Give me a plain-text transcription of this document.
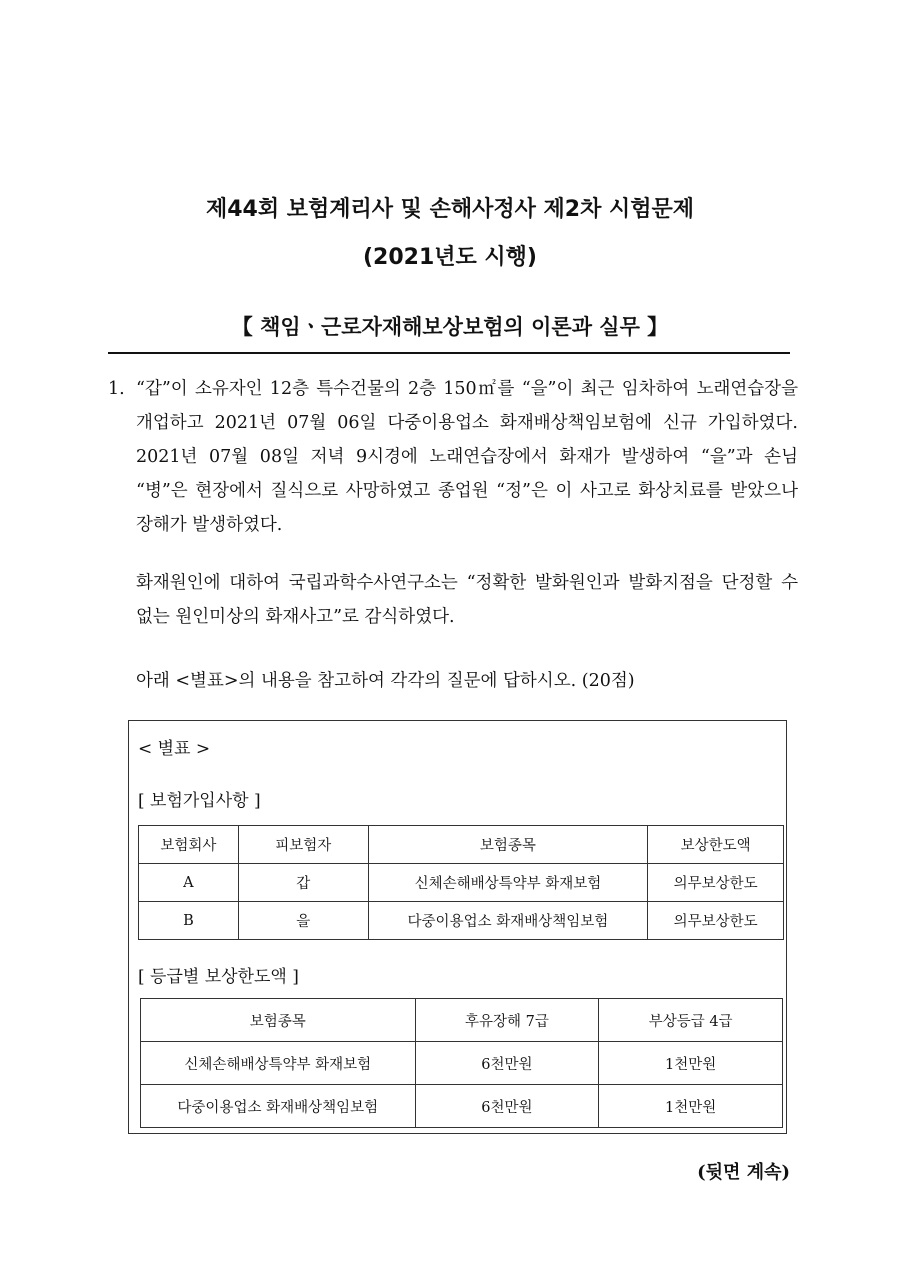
제44회 보험계리사 및 손해사정사 제2차 시험문제
(2021년도 시행)
【 책임ㆍ근로자재해보상보험의 이론과 실무 】
1. “갑”이 소유자인 12층 특수건물의 2층 150㎡를 “을”이 최근 임차하여 노래연습장을 개업하고 2021년 07월 06일 다중이용업소 화재배상책임보험에 신규 가입하였다. 2021년 07월 08일 저녁 9시경에 노래연습장에서 화재가 발생하여 “을”과 손님 “병”은 현장에서 질식으로 사망하였고 종업원 “정”은 이 사고로 화상치료를 받았으나 장해가 발생하였다.
화재원인에 대하여 국립과학수사연구소는 “정확한 발화원인과 발화지점을 단정할 수 없는 원인미상의 화재사고”로 감식하였다.
아래 <별표>의 내용을 참고하여 각각의 질문에 답하시오. (20점)
< 별표 >
[ 보험가입사항 ]
보험회사	피보험자	보험종목	보상한도액
A	갑	신체손해배상특약부 화재보험	의무보상한도
B	을	다중이용업소 화재배상책임보험	의무보상한도
[ 등급별 보상한도액 ]
보험종목	후유장해 7급	부상등급 4급
신체손해배상특약부 화재보험	6천만원	1천만원
다중이용업소 화재배상책임보험	6천만원	1천만원
(뒷면 계속)
